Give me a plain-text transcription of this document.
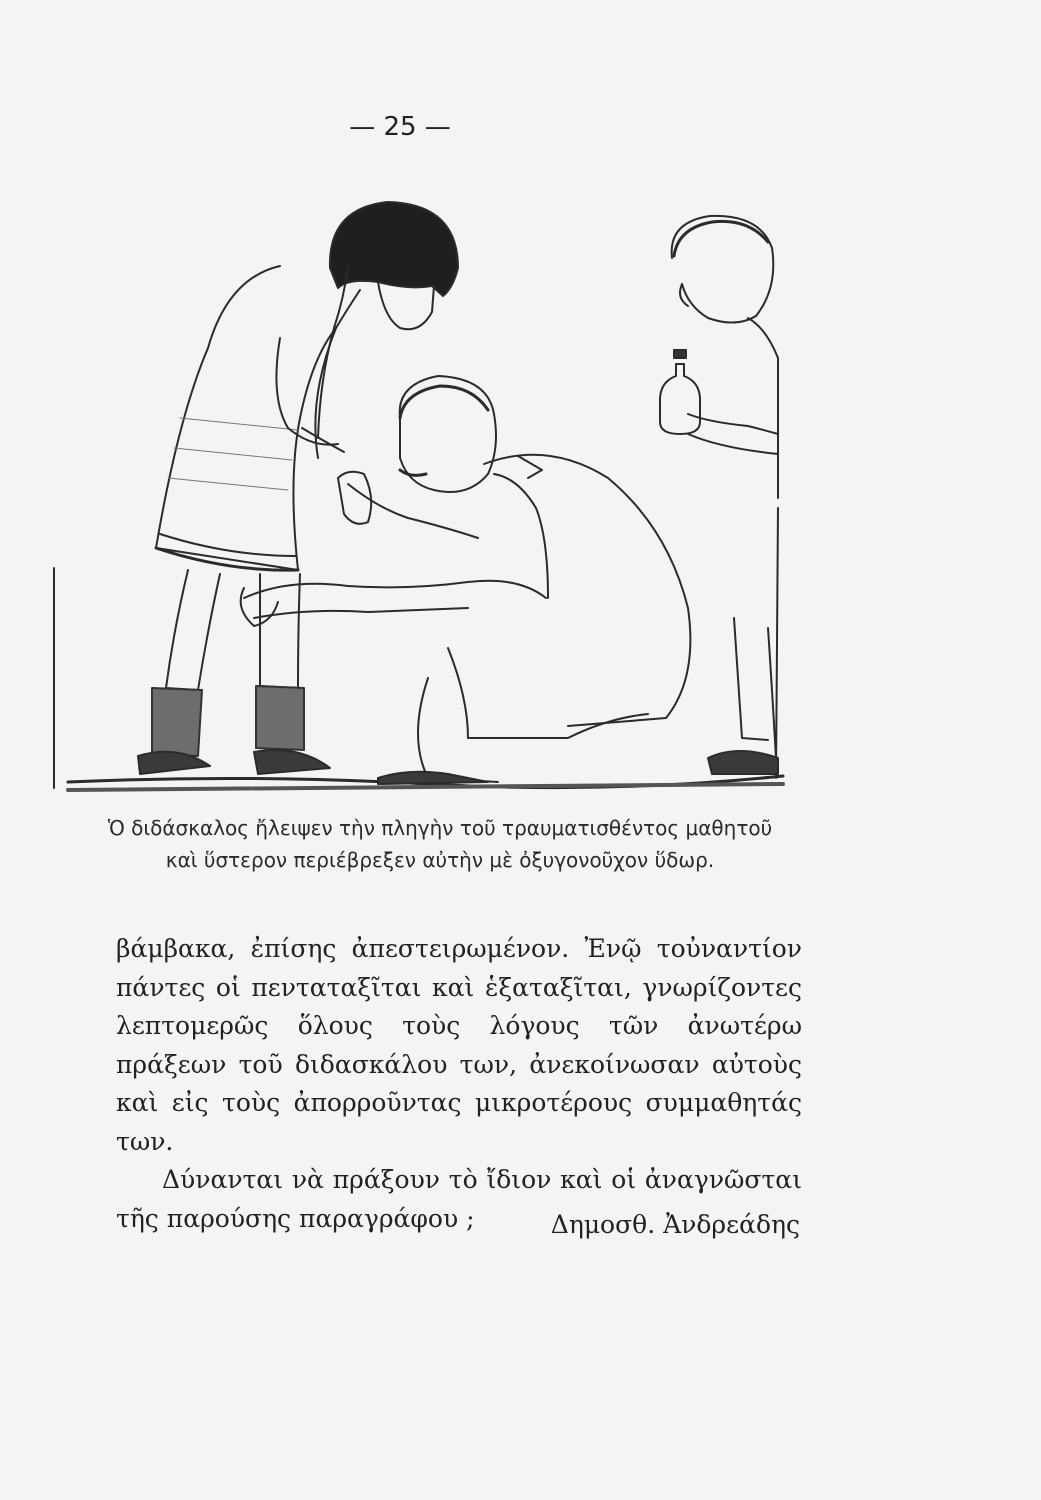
— 25 —

Ὁ διδάσκαλος ἤλειψεν τὴν πληγὴν τοῦ τραυματισθέντος μαθητοῦ

καὶ ὕστερον περιέβρεξεν αὐτὴν μὲ ὀξυγονοῦχον ὕδωρ.

βάμβακα, ἐπίσης ἀπεστειρωμένον. Ἐνῷ τοὐναντίον πάντες οἱ πενταταξῖται καὶ ἑξαταξῖται, γνωρίζοντες λεπτομερῶς ὅλους τοὺς λόγους τῶν ἀνωτέρω πράξεων τοῦ διδασκάλου των, ἀνεκοίνωσαν αὐτοὺς καὶ εἰς τοὺς ἀπορροῦντας μικροτέρους συμμαθητάς των.

Δύνανται νὰ πράξουν τὸ ἴδιον καὶ οἱ ἀναγνῶσται τῆς παρούσης παραγράφου ;	Δημοσθ. Ἀνδρεάδης
